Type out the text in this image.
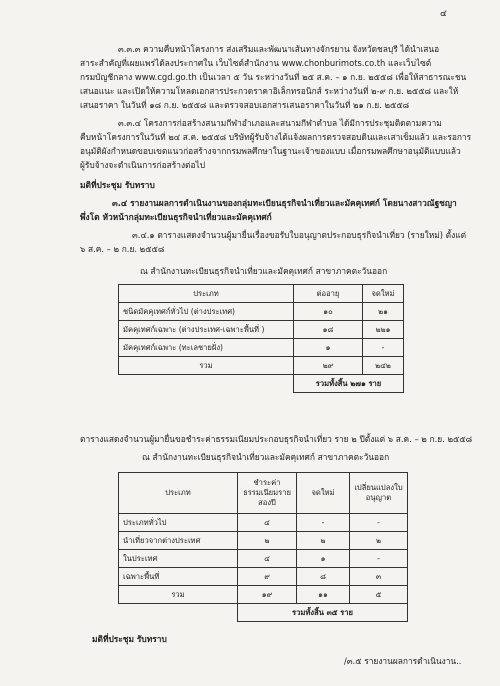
๔
๓.๓.๓ ความคืบหน้าโครงการ ส่งเสริมและพัฒนาเส้นทางจักรยาน จังหวัดชลบุรี ได้นำเสนอ
สาระสำคัญที่เผยแพร่ได้ลงประกาศใน เว็บไซต์สำนักงาน www.chonburimots.co.th และเว็บไซต์
กรมบัญชีกลาง www.cgd.go.th เป็นเวลา ๕ วัน ระหว่างวันที่ ๒๕ ส.ค. – ๑ ก.ย. ๒๕๕๘ เพื่อให้สาธารณะชน
เสนอแนะ และเปิดให้ความโหลดเอกสารประกวดราคาอิเล็กทรอนิกส์ ระหว่างวันที่ ๒-๙ ก.ย. ๒๕๕๘ และให้
เสนอราคา ในวันที่ ๑๘ ก.ย. ๒๕๕๘ และตรวจสอบเอกสารเสนอราคาในวันที่ ๒๑ ก.ย. ๒๕๕๘
๓.๓.๔ โครงการก่อสร้างสนามกีฬาอำเภอและสนามกีฬาตำบล ได้มีการประชุมติดตามความ
คืบหน้าโครงการในวันที่ ๒๔ ส.ค. ๒๕๕๘ บริษัทผู้รับจ้างได้แจ้งผลการตรวจสอบดินและเสาเข็มแล้ว และรอการ
อนุมัติผังกำหนดขอบเขตแนวก่อสร้างจากกรมพลศึกษาในฐานะเจ้าของแบบ เมื่อกรมพลศึกษาอนุมัติแบบแล้ว
ผู้รับจ้างจะดำเนินการก่อสร้างต่อไป
มติที่ประชุม รับทราบ
๓.๔ รายงานผลการดำเนินงานของกลุ่มทะเบียนธุรกิจนำเที่ยวและมัคคุเทศก์ โดยนางสาวณัฐชญา
พึ่งโต หัวหน้ากลุ่มทะเบียนธุรกิจนำเที่ยวและมัคคุเทศก์
๓.๔.๑ ตารางแสดงจำนวนผู้มายื่นเรื่องขอรับใบอนุญาตประกอบธุรกิจนำเที่ยว (รายใหม่) ตั้งแต่
๖ ส.ค. – ๒ ก.ย. ๒๕๕๘
ณ สำนักงานทะเบียนธุรกิจนำเที่ยวและมัคคุเทศก์ สาขาภาคตะวันออก
ประเภท	ต่ออายุ	จดใหม่
ชนิดมัคคุเทศก์ทั่วไป (ต่างประเทศ)	๑๐	๒๑
มัคคุเทศก์เฉพาะ (ต่างประเทศ-เฉพาะพื้นที่ )	๑๘	๒๒๑
มัคคุเทศก์เฉพาะ (ทะเลชายฝั่ง)	๑	-
รวม	๒๙	๒๔๒
	รวมทั้งสิ้น ๒๗๑ ราย	
ตารางแสดงจำนวนผู้มายื่นขอชำระค่าธรรมเนียมประกอบธุรกิจนำเที่ยว ราย ๒ ปีตั้งแต่ ๖ ส.ค. – ๒ ก.ย. ๒๕๕๘
ณ สำนักงานทะเบียนธุรกิจนำเที่ยวและมัคคุเทศก์ สาขาภาคตะวันออก
ประเภท	ชำระค่าธรรมเนียมรายสองปี	จดใหม่	เปลี่ยนแปลงใบอนุญาต
ประเภททั่วไป	๔	-	-
นำเที่ยวจากต่างประเทศ	๒	๒	๒
ในประเทศ	๔	๑	-
เฉพาะพื้นที่	๙	๘	๓
รวม	๑๙	๑๑	๕
	รวมทั้งสิ้น ๓๕ ราย		
มติที่ประชุม รับทราบ
/๓.๕ รายงานผลการดำเนินงาน..
